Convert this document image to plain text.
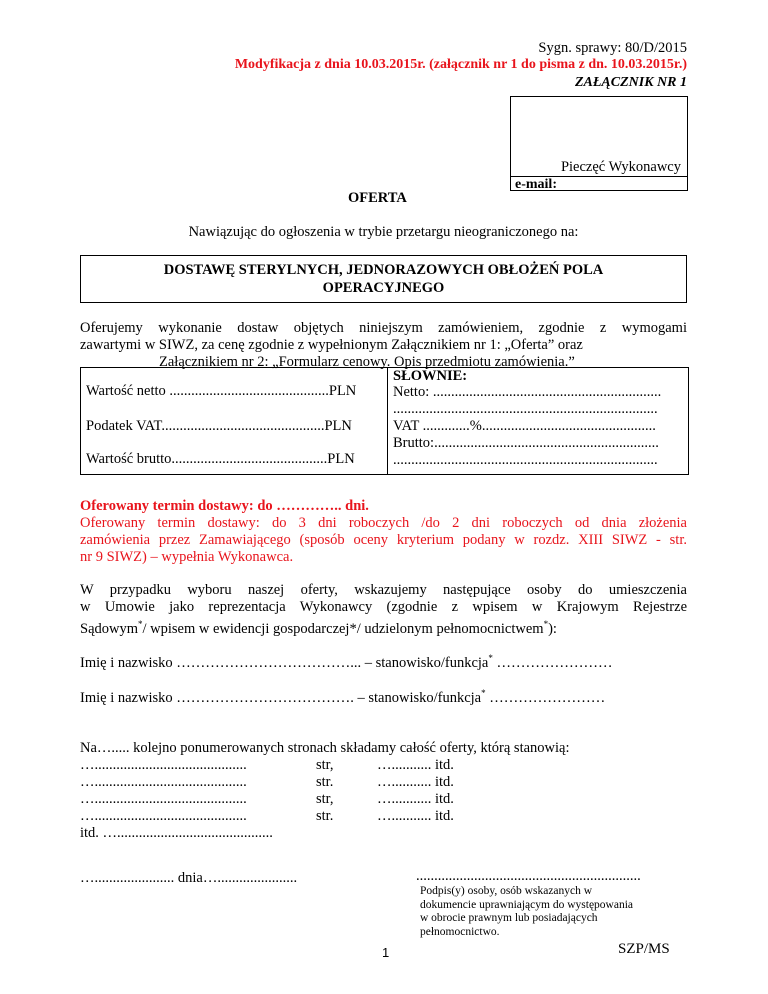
Sygn. sprawy: 80/D/2015
Modyfikacja z dnia 10.03.2015r. (załącznik nr 1 do pisma z dn. 10.03.2015r.)
ZAŁĄCZNIK NR 1
Pieczęć Wykonawcy
e-mail:
OFERTA
Nawiązując do ogłoszenia w trybie przetargu nieograniczonego na:
DOSTAWĘ STERYLNYCH, JEDNORAZOWYCH OBŁOŻEŃ POLA
OPERACYJNEGO
Oferujemy wykonanie dostaw objętych niniejszym zamówieniem, zgodnie z wymogami
zawartymi w SIWZ, za cenę zgodnie z wypełnionym Załącznikiem nr 1: „Oferta” oraz
Załącznikiem nr 2: „Formularz cenowy. Opis przedmiotu zamówienia.”
Wartość netto ............................................PLN
Podatek VAT.............................................PLN
Wartość brutto...........................................PLN
SŁOWNIE:
Netto: ...............................................................
.........................................................................
VAT .............%................................................
Brutto:..............................................................
.........................................................................
Oferowany termin dostawy: do ………….. dni.
Oferowany termin dostawy: do 3 dni roboczych /do 2 dni roboczych od dnia złożenia
zamówienia przez Zamawiającego (sposób oceny kryterium podany w rozdz. XIII SIWZ - str.
nr 9 SIWZ) – wypełnia Wykonawca.
W przypadku wyboru naszej oferty, wskazujemy następujące osoby do umieszczenia
w Umowie jako reprezentacja Wykonawcy (zgodnie z wpisem w Krajowym Rejestrze
Sądowym*/ wpisem w ewidencji gospodarczej*/ udzielonym pełnomocnictwem*):
Imię i nazwisko ………………………………... – stanowisko/funkcja* ……………………
Imię i nazwisko ………………………………. – stanowisko/funkcja* ……………………
Na…..... kolejno ponumerowanych stronach składamy całość oferty, którą stanowią:
…..........................................	str,	…........... itd.
…..........................................	str.	…........... itd.
…..........................................	str,	…........... itd.
…..........................................	str.	…........... itd.
itd. …...........................................
…...................... dnia…......................	..............................................................
Podpis(y) osoby, osób wskazanych w
dokumencie uprawniającym do występowania
w obrocie prawnym lub posiadających
pełnomocnictwo.
1	SZP/MS
